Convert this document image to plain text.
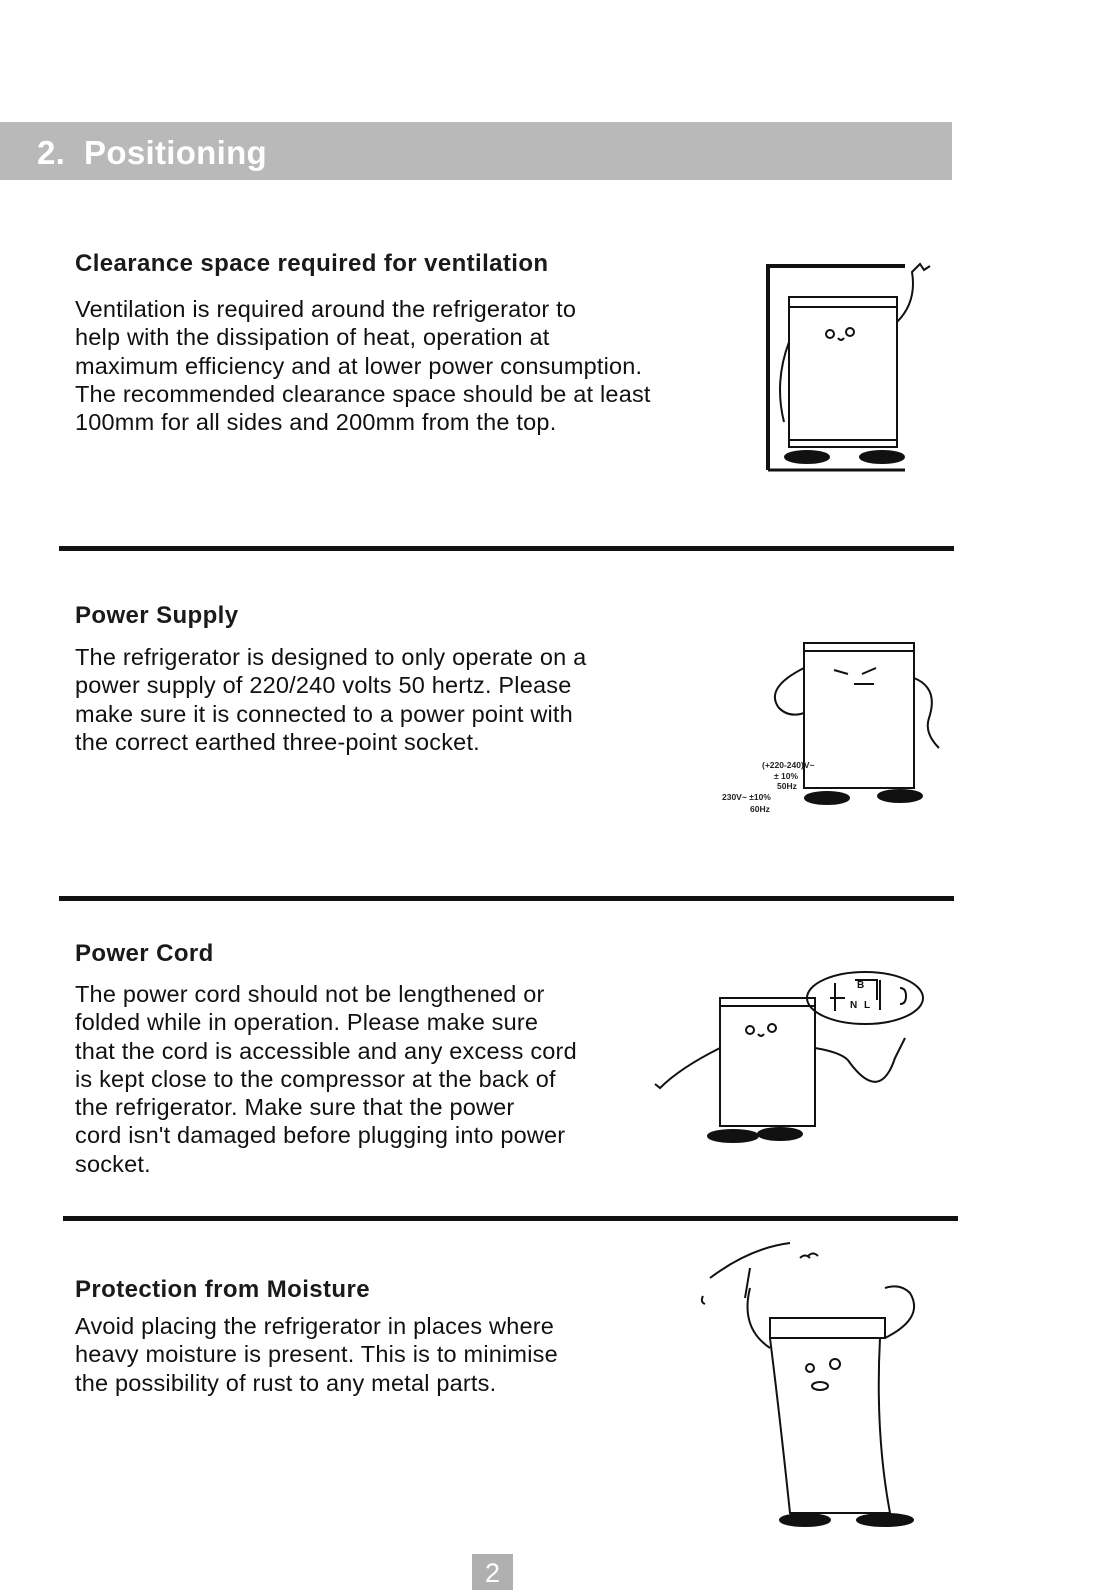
2.  Positioning
Clearance space required for ventilation
Ventilation is required around the refrigerator to
help with the dissipation of heat, operation at
maximum efficiency and at lower power consumption.
The recommended clearance space should be at least
100mm for all sides and 200mm from the top.
Power Supply
The refrigerator is designed to only operate on a
power supply of 220/240 volts 50 hertz. Please
make sure it is connected to a power point with
the correct earthed three-point socket.
(+220-240)V~
± 10%
50Hz
230V~ ±10%
60Hz
Power Cord
The power cord should not be lengthened or
folded while in operation. Please make sure
that the cord is accessible and any excess cord
is kept close to the compressor at the back of
the refrigerator. Make sure that the power
cord isn't damaged before plugging into power
socket.
B
N L
Protection from Moisture
Avoid placing the refrigerator in places where
heavy moisture is present. This is to minimise
the possibility of rust to any metal parts.
2
